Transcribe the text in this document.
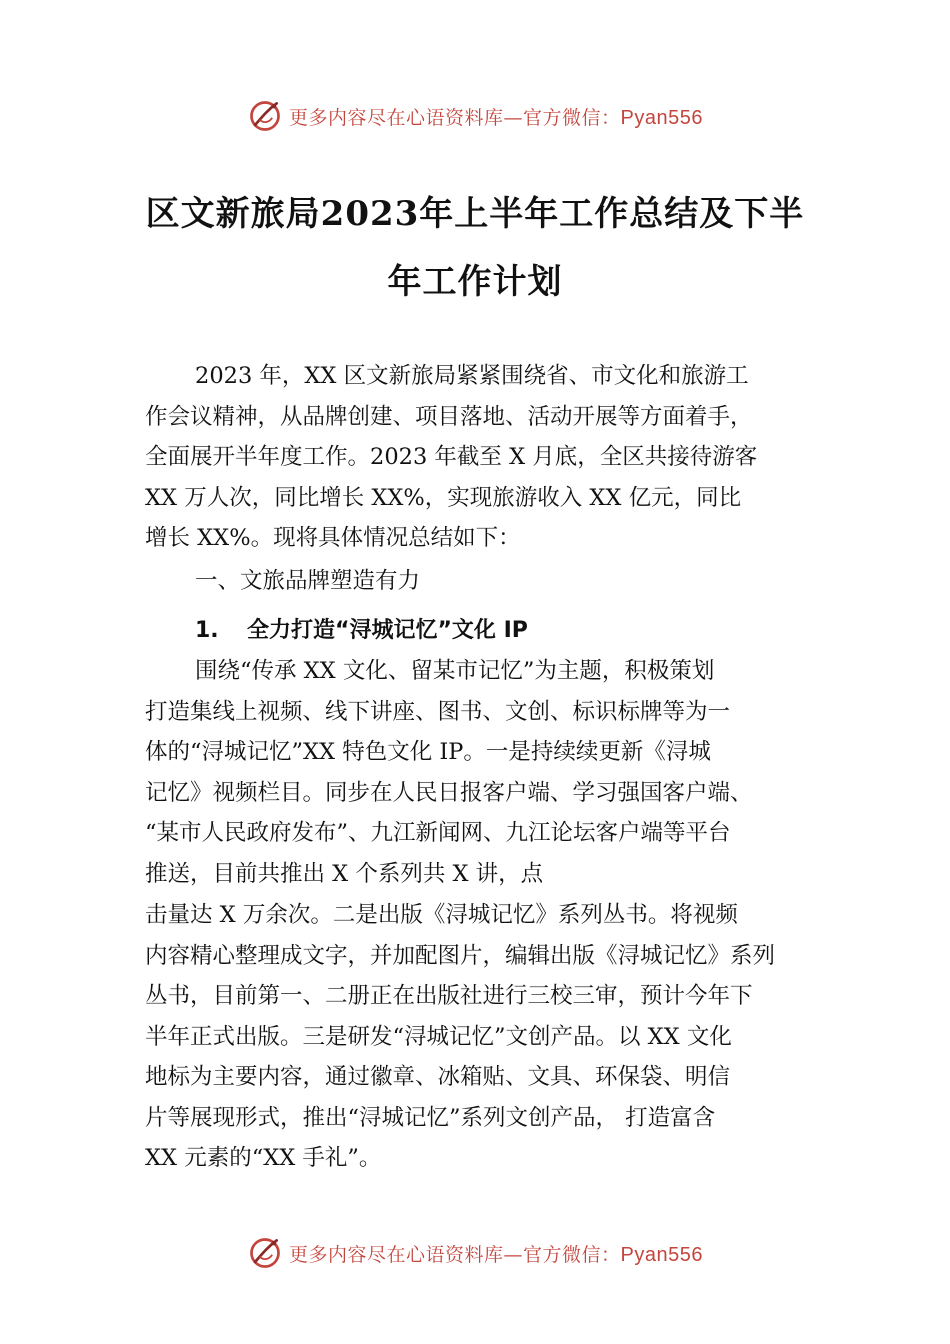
更多内容尽在心语资料库—官方微信：Pyan556
区文新旅局2023年上半年工作总结及下半
年工作计划

2023 年，XX 区文新旅局紧紧围绕省、市文化和旅游工
作会议精神，从品牌创建、项目落地、活动开展等方面着手，
全面展开半年度工作。2023 年截至 X 月底，全区共接待游客
XX 万人次，同比增长 XX%，实现旅游收入 XX 亿元，同比
增长 XX%。现将具体情况总结如下：

一、文旅品牌塑造有力

1. 全力打造“浔城记忆”文化 IP

围绕“传承 XX 文化、留某市记忆”为主题，积极策划
打造集线上视频、线下讲座、图书、文创、标识标牌等为一
体的“浔城记忆”XX 特色文化 IP。一是持续续更新《浔城
记忆》视频栏目。同步在人民日报客户端、学习强国客户端、
“某市人民政府发布”、九江新闻网、九江论坛客户端等平台
推送，目前共推出 X 个系列共 X 讲，点

击量达 X 万余次。二是出版《浔城记忆》系列丛书。将视频
内容精心整理成文字，并加配图片，编辑出版《浔城记忆》系列
丛书，目前第一、二册正在出版社进行三校三审，预计今年下
半年正式出版。三是研发“浔城记忆”文创产品。以 XX 文化
地标为主要内容，通过徽章、冰箱贴、文具、环保袋、明信
片等展现形式，推出“浔城记忆”系列文创产品， 打造富含
XX 元素的“XX 手礼”。

更多内容尽在心语资料库—官方微信：Pyan556
